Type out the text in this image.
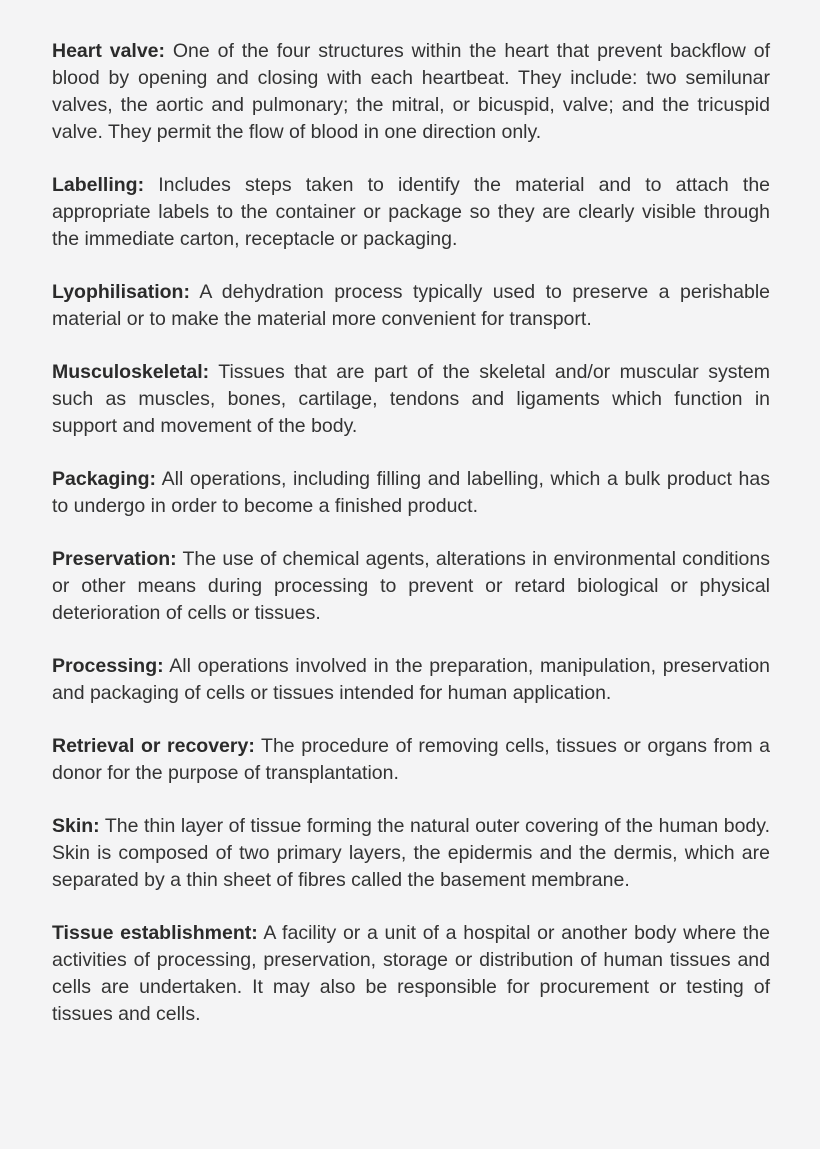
Heart valve: One of the four structures within the heart that prevent backflow of blood by opening and closing with each heartbeat. They include: two semilunar valves, the aortic and pulmonary; the mitral, or bicuspid, valve; and the tricuspid valve. They permit the flow of blood in one direction only.

Labelling: Includes steps taken to identify the material and to attach the appropriate labels to the container or package so they are clearly visible through the immediate carton, receptacle or packaging.

Lyophilisation: A dehydration process typically used to preserve a perishable material or to make the material more convenient for transport.

Musculoskeletal: Tissues that are part of the skeletal and/or muscular system such as muscles, bones, cartilage, tendons and ligaments which function in support and movement of the body.

Packaging: All operations, including filling and labelling, which a bulk product has to undergo in order to become a finished product.

Preservation: The use of chemical agents, alterations in environmental conditions or other means during processing to prevent or retard biological or physical deterioration of cells or tissues.

Processing: All operations involved in the preparation, manipulation, preservation and packaging of cells or tissues intended for human application.

Retrieval or recovery: The procedure of removing cells, tissues or organs from a donor for the purpose of transplantation.

Skin: The thin layer of tissue forming the natural outer covering of the human body. Skin is composed of two primary layers, the epidermis and the dermis, which are separated by a thin sheet of fibres called the basement membrane.

Tissue establishment: A facility or a unit of a hospital or another body where the activities of processing, preservation, storage or distribution of human tissues and cells are undertaken. It may also be responsible for procurement or testing of tissues and cells.
